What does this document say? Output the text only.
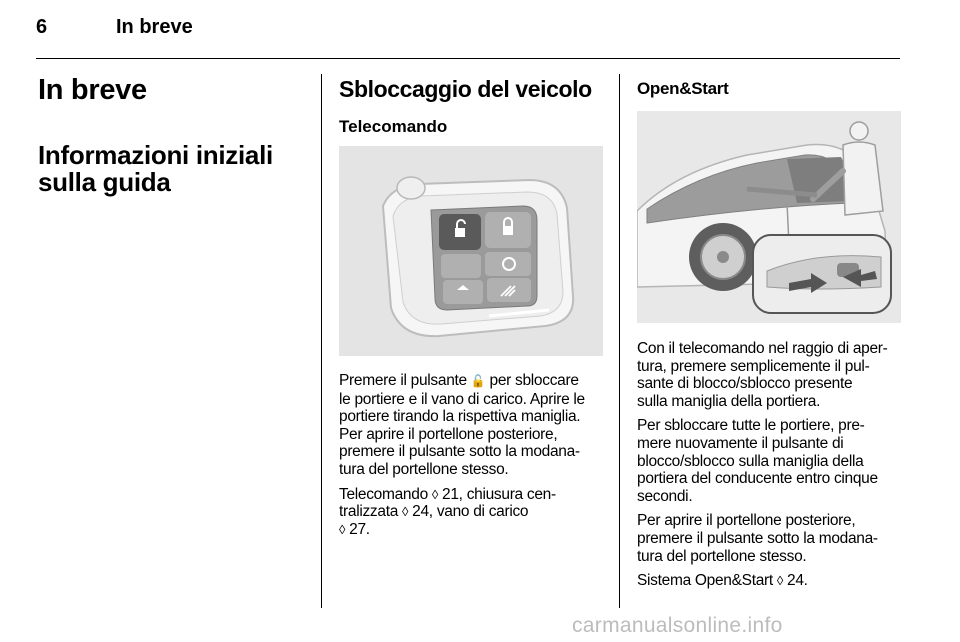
6	In breve
In breve
Informazioni iniziali
sulla guida
Sbloccaggio del veicolo
Telecomando

Premere il pulsante 🔓 per sbloccare
le portiere e il vano di carico. Aprire le
portiere tirando la rispettiva maniglia.
Per aprire il portellone posteriore,
premere il pulsante sotto la modana-
tura del portellone stesso.

Telecomando ◊ 21, chiusura cen-
tralizzata ◊ 24, vano di carico
◊ 27.

Open&Start

Con il telecomando nel raggio di aper-
tura, premere semplicemente il pul-
sante di blocco/sblocco presente
sulla maniglia della portiera.

Per sbloccare tutte le portiere, pre-
mere nuovamente il pulsante di
blocco/sblocco sulla maniglia della
portiera del conducente entro cinque
secondi.

Per aprire il portellone posteriore,
premere il pulsante sotto la modana-
tura del portellone stesso.

Sistema Open&Start ◊ 24.

carmanualsonline.info
